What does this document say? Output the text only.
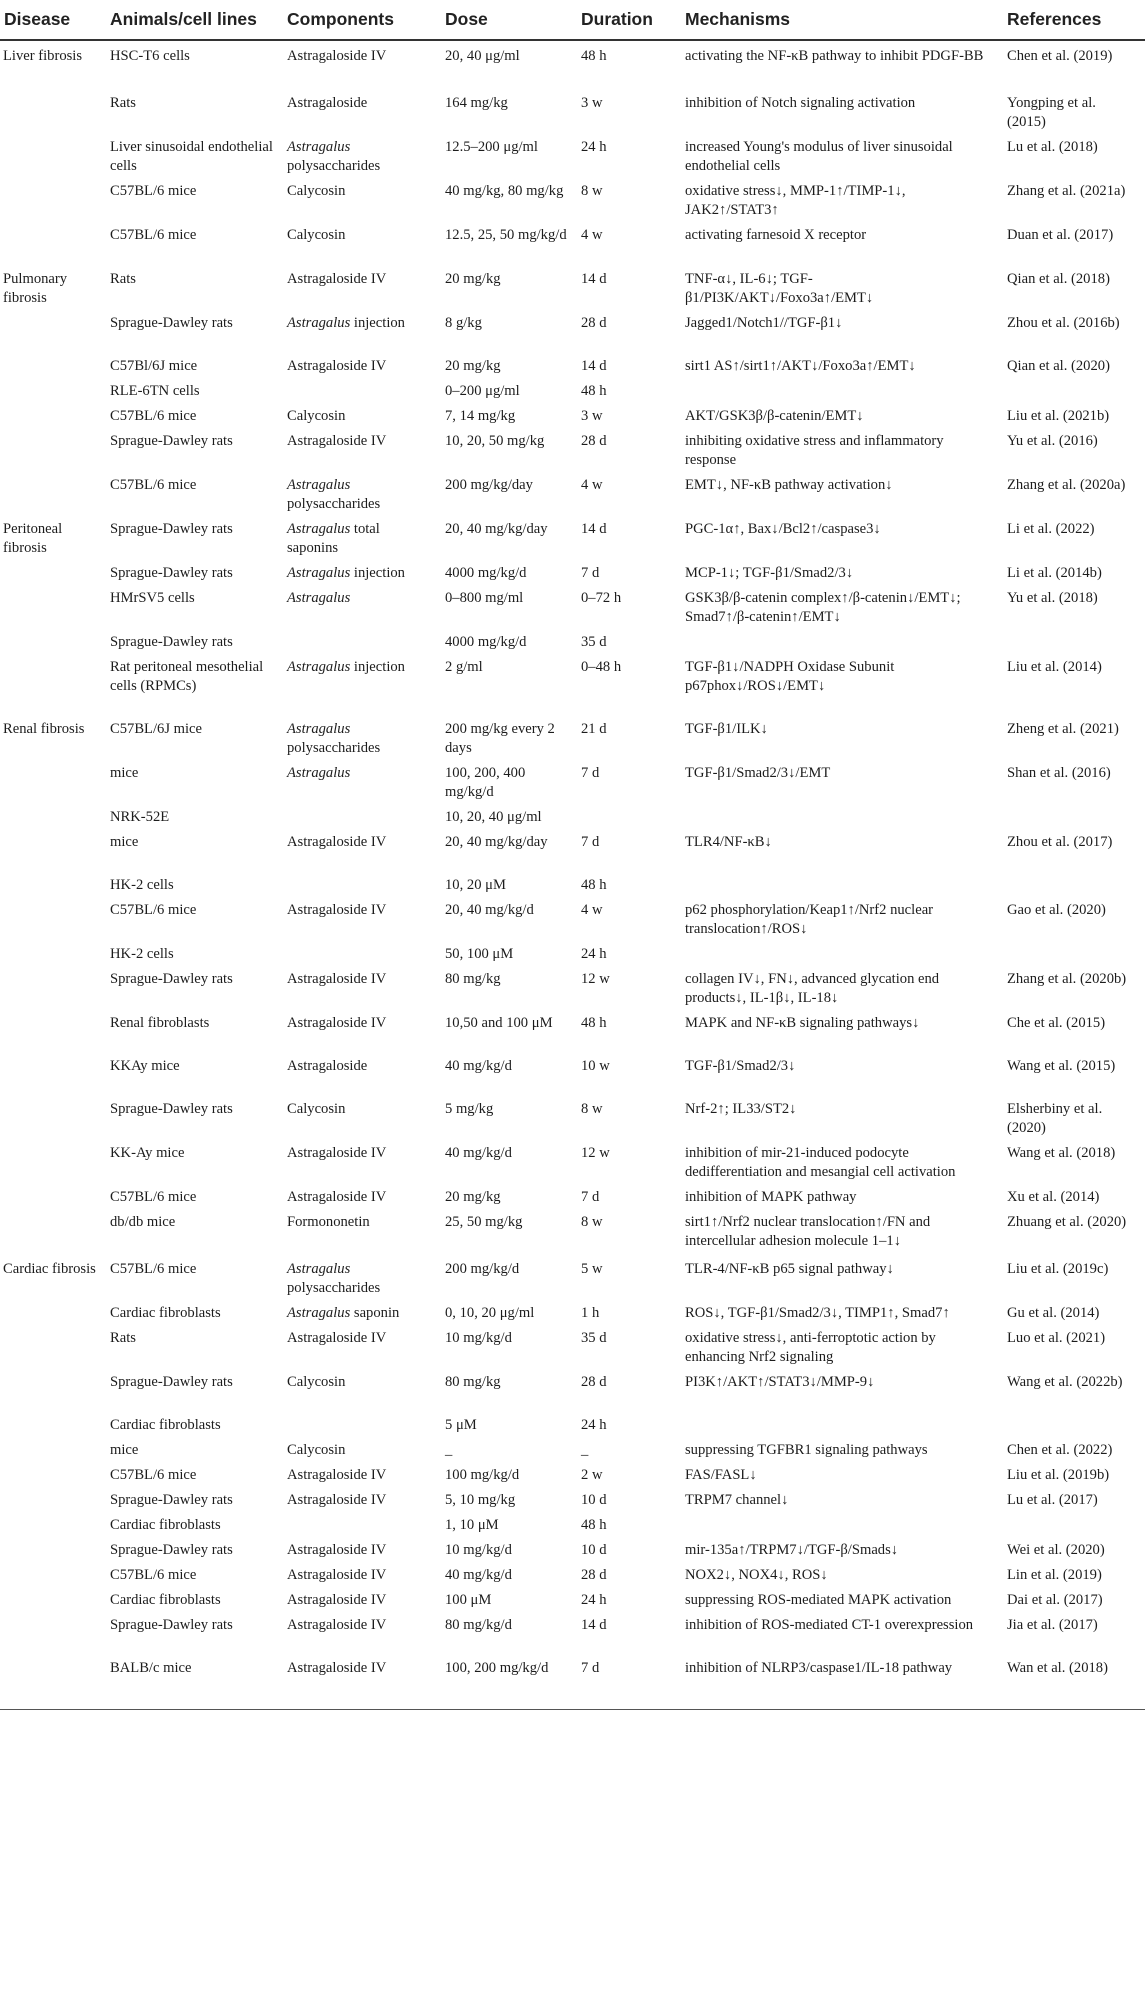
Disease	Animals/cell lines	Components	Dose	Duration	Mechanisms	References
Liver fibrosis	HSC-T6 cells	Astragaloside IV	20, 40 μg/ml	48 h	activating the NF-κB pathway to inhibit PDGF-BB	Chen et al. (2019)
	Rats	Astragaloside	164 mg/kg	3 w	inhibition of Notch signaling activation	Yongping et al. (2015)
	Liver sinusoidal endothelial cells	Astragalus polysaccharides	12.5–200 μg/ml	24 h	increased Young's modulus of liver sinusoidal endothelial cells	Lu et al. (2018)
	C57BL/6 mice	Calycosin	40 mg/kg, 80 mg/kg	8 w	oxidative stress↓, MMP-1↑/TIMP-1↓, JAK2↑/STAT3↑	Zhang et al. (2021a)
	C57BL/6 mice	Calycosin	12.5, 25, 50 mg/kg/d	4 w	activating farnesoid X receptor	Duan et al. (2017)
Pulmonary fibrosis	Rats	Astragaloside IV	20 mg/kg	14 d	TNF-α↓, IL-6↓; TGF-β1/PI3K/AKT↓/Foxo3a↑/EMT↓	Qian et al. (2018)
	Sprague-Dawley rats	Astragalus injection	8 g/kg	28 d	Jagged1/Notch1//TGF-β1↓	Zhou et al. (2016b)
	C57Bl/6J mice	Astragaloside IV	20 mg/kg	14 d	sirt1 AS↑/sirt1↑/AKT↓/Foxo3a↑/EMT↓	Qian et al. (2020)
	RLE-6TN cells		0–200 μg/ml	48 h		
	C57BL/6 mice	Calycosin	7, 14 mg/kg	3 w	AKT/GSK3β/β-catenin/EMT↓	Liu et al. (2021b)
	Sprague-Dawley rats	Astragaloside IV	10, 20, 50 mg/kg	28 d	inhibiting oxidative stress and inflammatory response	Yu et al. (2016)
	C57BL/6 mice	Astragalus polysaccharides	200 mg/kg/day	4 w	EMT↓, NF-κB pathway activation↓	Zhang et al. (2020a)
Peritoneal fibrosis	Sprague-Dawley rats	Astragalus total saponins	20, 40 mg/kg/day	14 d	PGC-1α↑, Bax↓/Bcl2↑/caspase3↓	Li et al. (2022)
	Sprague-Dawley rats	Astragalus injection	4000 mg/kg/d	7 d	MCP-1↓; TGF-β1/Smad2/3↓	Li et al. (2014b)
	HMrSV5 cells	Astragalus	0–800 mg/ml	0–72 h	GSK3β/β-catenin complex↑/β-catenin↓/EMT↓; Smad7↑/β-catenin↑/EMT↓	Yu et al. (2018)
	Sprague-Dawley rats		4000 mg/kg/d	35 d		
	Rat peritoneal mesothelial cells (RPMCs)	Astragalus injection	2 g/ml	0–48 h	TGF-β1↓/NADPH Oxidase Subunit p67phox↓/ROS↓/EMT↓	Liu et al. (2014)
Renal fibrosis	C57BL/6J mice	Astragalus polysaccharides	200 mg/kg every 2 days	21 d	TGF-β1/ILK↓	Zheng et al. (2021)
	mice	Astragalus	100, 200, 400 mg/kg/d	7 d	TGF-β1/Smad2/3↓/EMT	Shan et al. (2016)
	NRK-52E		10, 20, 40 μg/ml			
	mice	Astragaloside IV	20, 40 mg/kg/day	7 d	TLR4/NF-κB↓	Zhou et al. (2017)
	HK-2 cells		10, 20 μM	48 h		
	C57BL/6 mice	Astragaloside IV	20, 40 mg/kg/d	4 w	p62 phosphorylation/Keap1↑/Nrf2 nuclear translocation↑/ROS↓	Gao et al. (2020)
	HK-2 cells		50, 100 μM	24 h		
	Sprague-Dawley rats	Astragaloside IV	80 mg/kg	12 w	collagen IV↓, FN↓, advanced glycation end products↓, IL-1β↓, IL-18↓	Zhang et al. (2020b)
	Renal fibroblasts	Astragaloside IV	10,50 and 100 μM	48 h	MAPK and NF-κB signaling pathways↓	Che et al. (2015)
	KKAy mice	Astragaloside	40 mg/kg/d	10 w	TGF-β1/Smad2/3↓	Wang et al. (2015)
	Sprague-Dawley rats	Calycosin	5 mg/kg	8 w	Nrf-2↑; IL33/ST2↓	Elsherbiny et al. (2020)
	KK-Ay mice	Astragaloside IV	40 mg/kg/d	12 w	inhibition of mir-21-induced podocyte dedifferentiation and mesangial cell activation	Wang et al. (2018)
	C57BL/6 mice	Astragaloside IV	20 mg/kg	7 d	inhibition of MAPK pathway	Xu et al. (2014)
	db/db mice	Formononetin	25, 50 mg/kg	8 w	sirt1↑/Nrf2 nuclear translocation↑/FN and intercellular adhesion molecule 1–1↓	Zhuang et al. (2020)
Cardiac fibrosis	C57BL/6 mice	Astragalus polysaccharides	200 mg/kg/d	5 w	TLR-4/NF-κB p65 signal pathway↓	Liu et al. (2019c)
	Cardiac fibroblasts	Astragalus saponin	0, 10, 20 μg/ml	1 h	ROS↓, TGF-β1/Smad2/3↓, TIMP1↑, Smad7↑	Gu et al. (2014)
	Rats	Astragaloside IV	10 mg/kg/d	35 d	oxidative stress↓, anti-ferroptotic action by enhancing Nrf2 signaling	Luo et al. (2021)
	Sprague-Dawley rats	Calycosin	80 mg/kg	28 d	PI3K↑/AKT↑/STAT3↓/MMP-9↓	Wang et al. (2022b)
	Cardiac fibroblasts		5 μM	24 h		
	mice	Calycosin	_	_	suppressing TGFBR1 signaling pathways	Chen et al. (2022)
	C57BL/6 mice	Astragaloside IV	100 mg/kg/d	2 w	FAS/FASL↓	Liu et al. (2019b)
	Sprague-Dawley rats	Astragaloside IV	5, 10 mg/kg	10 d	TRPM7 channel↓	Lu et al. (2017)
	Cardiac fibroblasts		1, 10 μM	48 h		
	Sprague-Dawley rats	Astragaloside IV	10 mg/kg/d	10 d	mir-135a↑/TRPM7↓/TGF-β/Smads↓	Wei et al. (2020)
	C57BL/6 mice	Astragaloside IV	40 mg/kg/d	28 d	NOX2↓, NOX4↓, ROS↓	Lin et al. (2019)
	Cardiac fibroblasts	Astragaloside IV	100 μM	24 h	suppressing ROS-mediated MAPK activation	Dai et al. (2017)
	Sprague-Dawley rats	Astragaloside IV	80 mg/kg/d	14 d	inhibition of ROS-mediated CT-1 overexpression	Jia et al. (2017)
	BALB/c mice	Astragaloside IV	100, 200 mg/kg/d	7 d	inhibition of NLRP3/caspase1/IL-18 pathway	Wan et al. (2018)
